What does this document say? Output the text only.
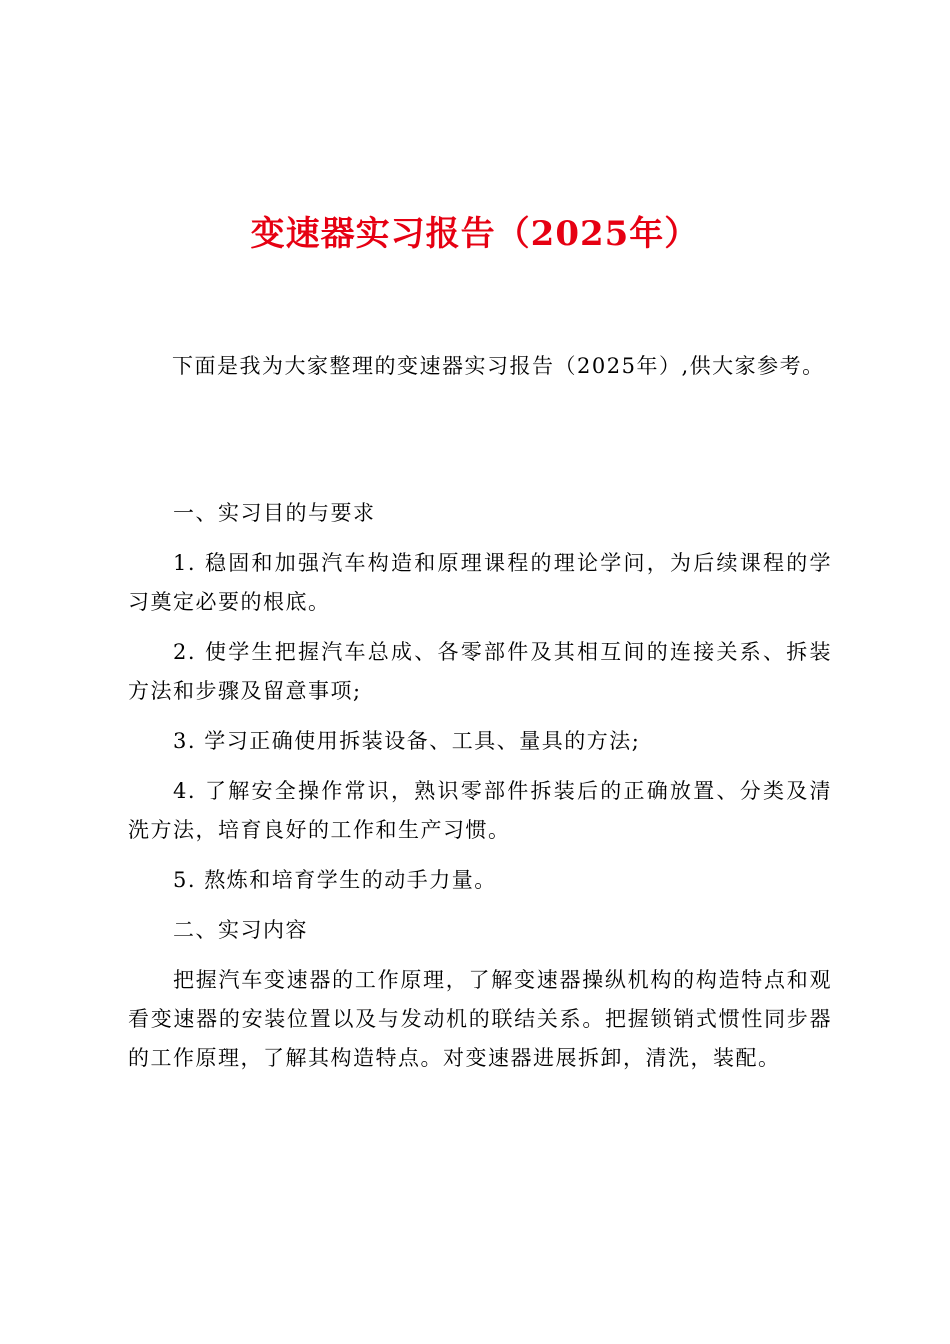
变速器实习报告（2025年）

下面是我为大家整理的变速器实习报告（2025年）,供大家参考。

一、实习目的与要求

1. 稳固和加强汽车构造和原理课程的理论学问，为后续课程的学习奠定必要的根底。

2. 使学生把握汽车总成、各零部件及其相互间的连接关系、拆装方法和步骤及留意事项;

3. 学习正确使用拆装设备、工具、量具的方法;

4. 了解安全操作常识，熟识零部件拆装后的正确放置、分类及清洗方法，培育良好的工作和生产习惯。

5. 熬炼和培育学生的动手力量。

二、实习内容

把握汽车变速器的工作原理，了解变速器操纵机构的构造特点和观看变速器的安装位置以及与发动机的联结关系。把握锁销式惯性同步器的工作原理，了解其构造特点。对变速器进展拆卸，清洗，装配。
